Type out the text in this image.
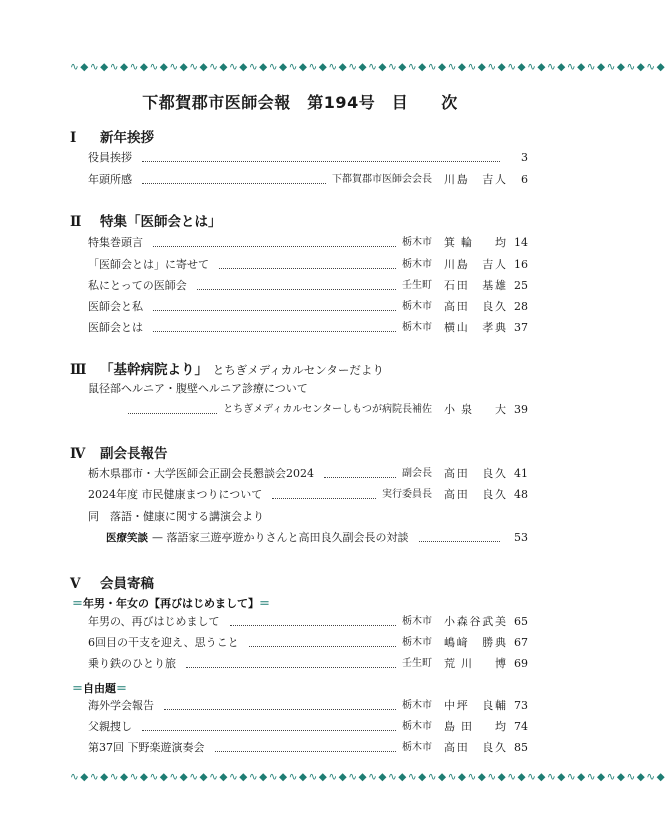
∿◆∿◆∿◆∿◆∿◆∿◆∿◆∿◆∿◆∿◆∿◆∿◆∿◆∿◆∿◆∿◆∿◆∿◆∿◆∿◆∿◆∿◆∿◆∿◆∿◆∿◆∿◆∿◆∿◆∿◆
下都賀郡市医師会報　第194号　目　　次
Ⅰ 新年挨拶
役員挨拶	3
年頭所感	下都賀郡市医師会会長 川島　吉人	6
Ⅱ 特集「医師会とは」
特集巻頭言	栃木市 箕輪　均 14
「医師会とは」に寄せて	栃木市 川島　吉人 16
私にとっての医師会	壬生町 石田　基雄 25
医師会と私	栃木市 高田　良久 28
医師会とは	栃木市 横山　孝典 37
Ⅲ 「基幹病院より」 とちぎメディカルセンターだより
鼠径部ヘルニア・腹壁ヘルニア診療について
とちぎメディカルセンターしもつが病院長補佐 小泉　大 39
Ⅳ 副会長報告
栃木県郡市・大学医師会正副会長懇談会2024	副会長 高田　良久 41
2024年度 市民健康まつりについて	実行委員長 高田　良久 48
同　落語・健康に関する講演会より
医療笑談 — 落語家三遊亭遊かりさんと高田良久副会長の対談	53
Ⅴ 会員寄稿
＝年男・年女の【再びはじめまして】＝
年男の、再びはじめまして	栃木市 小森谷武美 65
6回目の干支を迎え、思うこと	栃木市 嶋﨑　勝典 67
乗り鉄のひとり旅	壬生町 荒川　博 69
＝自由題＝
海外学会報告	栃木市 中坪　良輔 73
父親捜し	栃木市 島田　均 74
第37回 下野楽遊演奏会	栃木市 高田　良久 85
∿◆∿◆∿◆∿◆∿◆∿◆∿◆∿◆∿◆∿◆∿◆∿◆∿◆∿◆∿◆∿◆∿◆∿◆∿◆∿◆∿◆∿◆∿◆∿◆∿◆∿◆∿◆∿◆∿◆∿◆
